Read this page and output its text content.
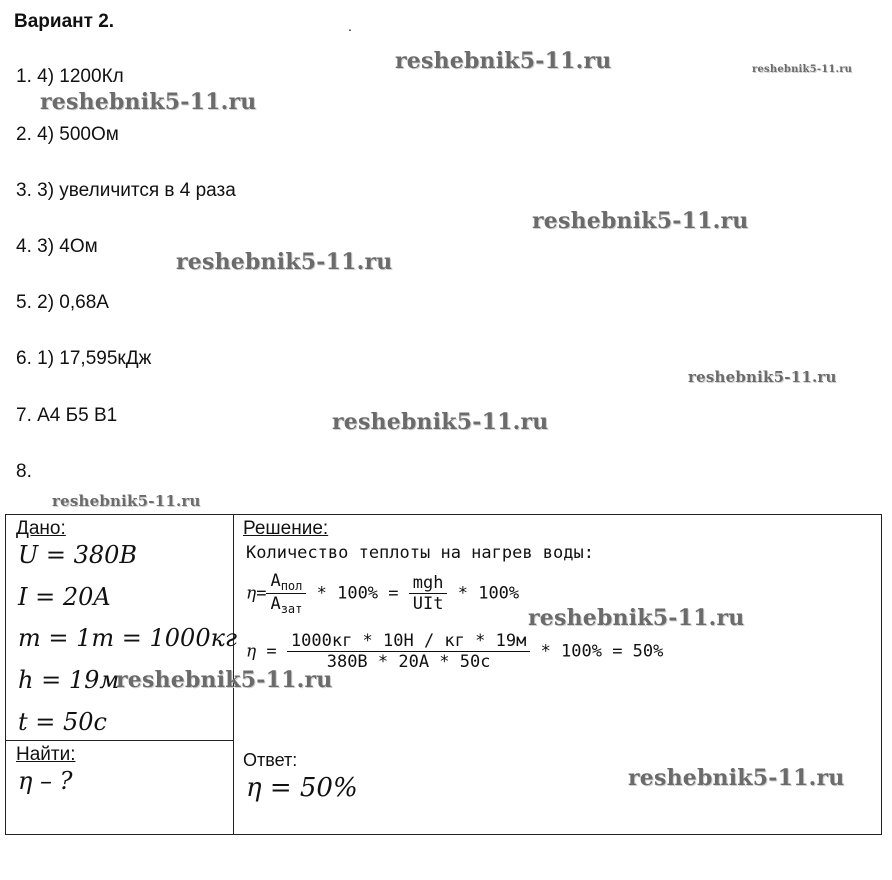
Вариант 2.	.
1. 4) 1200Кл
2. 4) 500Ом
3. 3) увеличится в 4 раза
4. 3) 4Ом
5. 2) 0,68А
6. 1) 17,595кДж
7. А4 Б5 В1
8.
reshebnik5-11.ru	reshebnik5-11.ru
reshebnik5-11.ru
reshebnik5-11.ru
reshebnik5-11.ru
reshebnik5-11.ru
reshebnik5-11.ru
reshebnik5-11.ru
Дано:
U = 380B
I = 20A
m = 1т = 1000кг
h = 19м
t = 50с
Найти:
η – ?
Решение:
Количество теплоты на нагрев воды:
$\eta= \frac{A_{пол}}{A_{зат}} * 100\% = \frac{\text{mgh}}{\text{UIt}} * 100\%$
$\eta = \frac{1000кг * 10Н / кг * 19м}{380B * 20A * 50с} * 100\% = 50\%$
Ответ:
η = 50%
reshebnik5-11.ru
reshebnik5-11.ru
reshebnik5-11.ru
